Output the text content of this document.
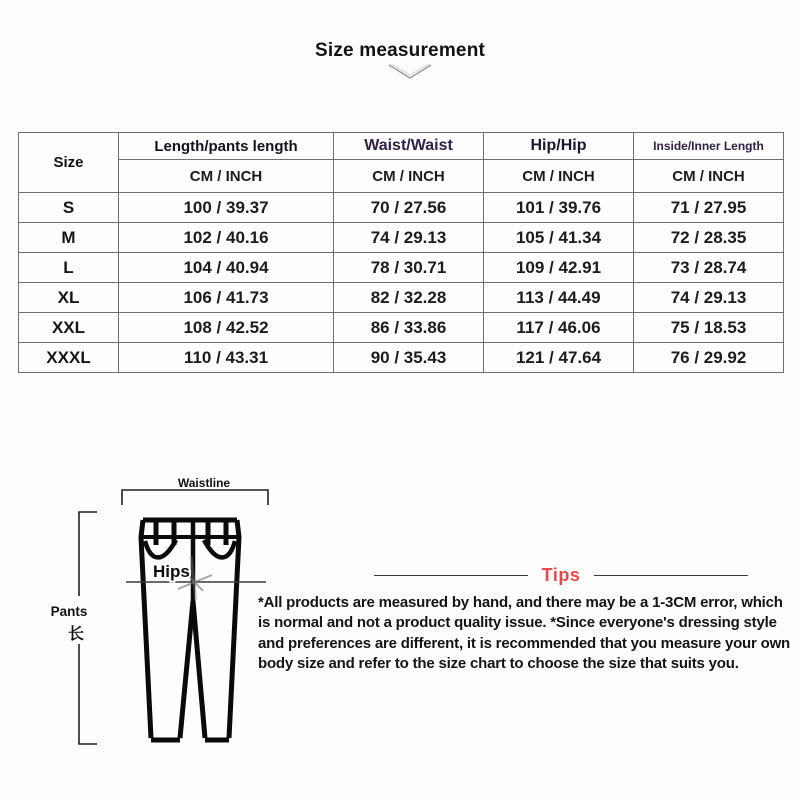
Size measurement
Size	Length/pants length	Waist/Waist	Hip/Hip	Inside/Inner Length
	CM / INCH	CM / INCH	CM / INCH	CM / INCH
S	100 / 39.37	70 / 27.56	101 / 39.76	71 / 27.95
M	102 / 40.16	74 / 29.13	105 / 41.34	72 / 28.35
L	104 / 40.94	78 / 30.71	109 / 42.91	73 / 28.74
XL	106 / 41.73	82 / 32.28	113 / 44.49	74 / 29.13
XXL	108 / 42.52	86 / 33.86	117 / 46.06	75 / 18.53
XXXL	110 / 43.31	90 / 35.43	121 / 47.64	76 / 29.92
Waistline
Pants
长
Hips	Tips
*All products are measured by hand, and there may be a 1-3CM error, which is normal and not a product quality issue. *Since everyone's dressing style and preferences are different, it is recommended that you measure your own body size and refer to the size chart to choose the size that suits you.
